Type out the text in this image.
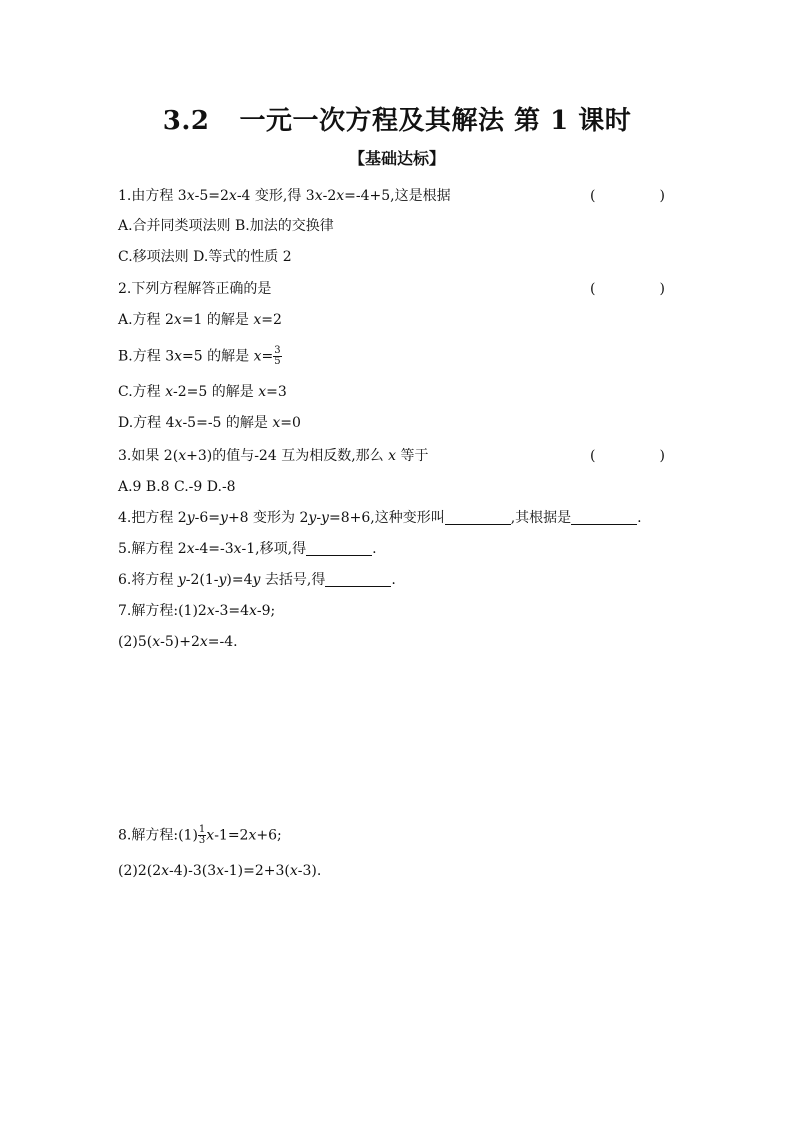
3.2 一元一次方程及其解法 第 1 课时
【基础达标】
1.由方程 3x-5=2x-4 变形,得 3x-2x=-4+5,这是根据	(	)
A.合并同类项法则 B.加法的交换律
C.移项法则 D.等式的性质 2
2.下列方程解答正确的是	(	)
A.方程 2x=1 的解是 x=2
B.方程 3x=5 的解是 $x= \frac{3}{5}$
C.方程 x-2=5 的解是 x=3
D.方程 4x-5=-5 的解是 x=0
3.如果 2(x+3)的值与-24 互为相反数,那么 x 等于	(	)
A.9 B.8 C.-9 D.-8
4.把方程 2y-6=y+8 变形为 2y-y=8+6,这种变形叫	,其根据是	.
5.解方程 2x-4=-3x-1,移项,得	.
6.将方程 y-2(1-y)=4y 去括号,得	.
7.解方程:(1)2x-3=4x-9;
(2)5(x-5)+2x=-4.
8.解方程:(1) $\frac{1}{3} x-1=2x+6$;
(2)2(2x-4)-3(3x-1)=2+3(x-3).
